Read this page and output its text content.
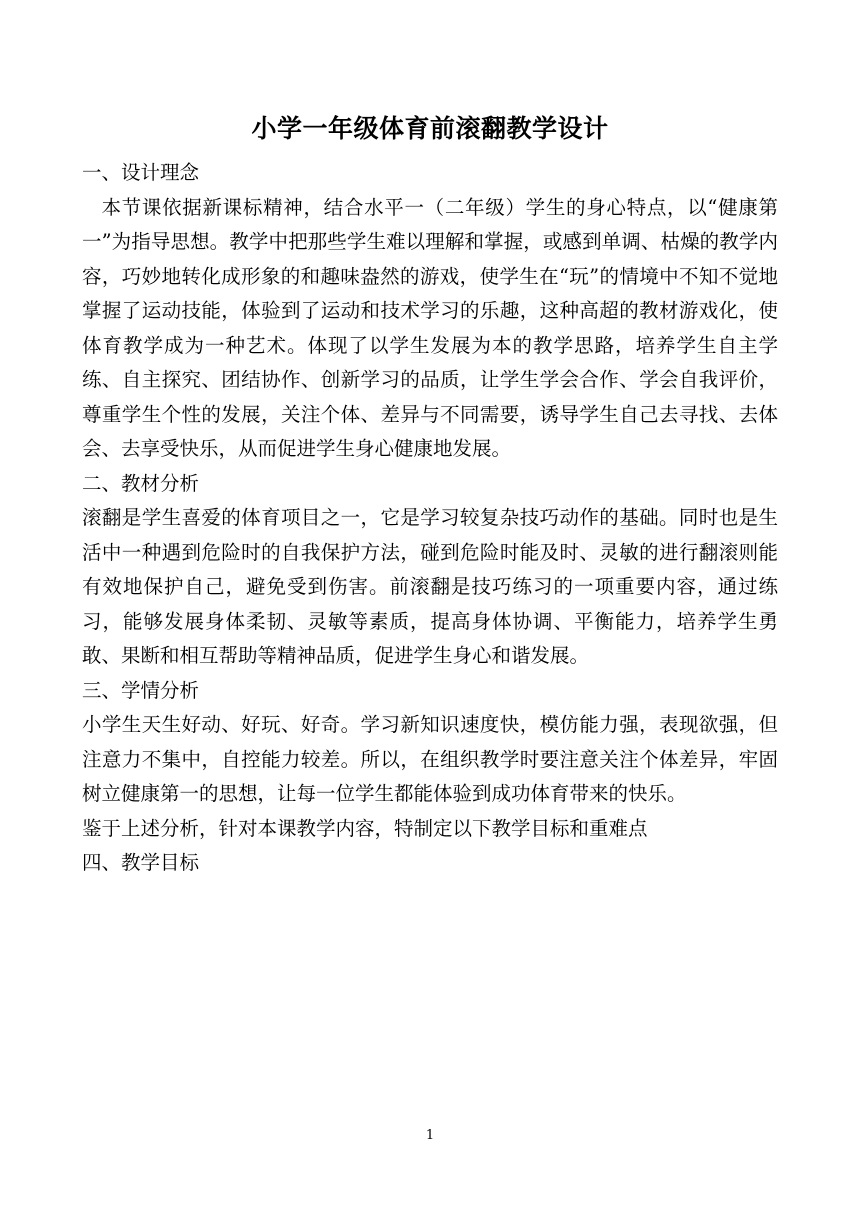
小学一年级体育前滚翻教学设计

一、设计理念

本节课依据新课标精神，结合水平一（二年级）学生的身心特点，以“健康第一”为指导思想。教学中把那些学生难以理解和掌握，或感到单调、枯燥的教学内容，巧妙地转化成形象的和趣味盎然的游戏，使学生在“玩”的情境中不知不觉地掌握了运动技能，体验到了运动和技术学习的乐趣，这种高超的教材游戏化，使体育教学成为一种艺术。体现了以学生发展为本的教学思路，培养学生自主学练、自主探究、团结协作、创新学习的品质，让学生学会合作、学会自我评价，尊重学生个性的发展，关注个体、差异与不同需要，诱导学生自己去寻找、去体会、去享受快乐，从而促进学生身心健康地发展。

二、教材分析

滚翻是学生喜爱的体育项目之一，它是学习较复杂技巧动作的基础。同时也是生活中一种遇到危险时的自我保护方法，碰到危险时能及时、灵敏的进行翻滚则能有效地保护自己，避免受到伤害。前滚翻是技巧练习的一项重要内容，通过练习，能够发展身体柔韧、灵敏等素质，提高身体协调、平衡能力，培养学生勇敢、果断和相互帮助等精神品质，促进学生身心和谐发展。

三、学情分析

小学生天生好动、好玩、好奇。学习新知识速度快，模仿能力强，表现欲强，但注意力不集中，自控能力较差。所以，在组织教学时要注意关注个体差异，牢固树立健康第一的思想，让每一位学生都能体验到成功体育带来的快乐。

鉴于上述分析，针对本课教学内容，特制定以下教学目标和重难点

四、教学目标

1
